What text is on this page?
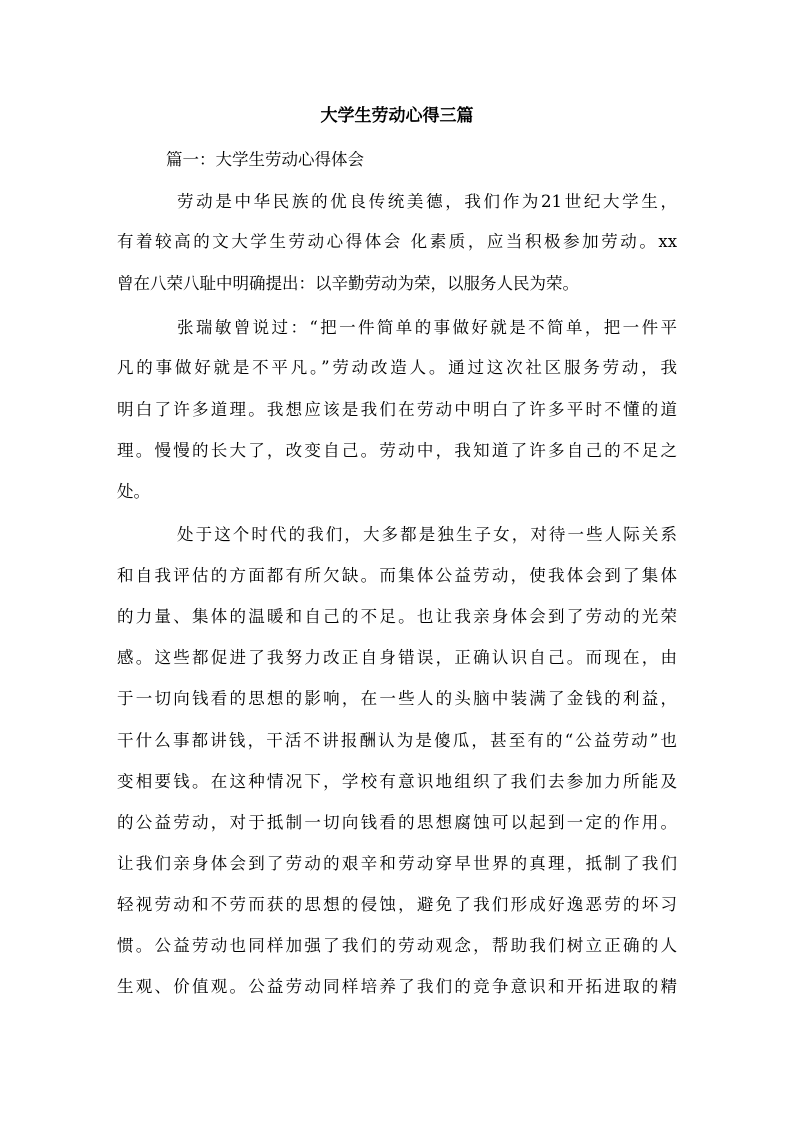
大学生劳动心得三篇

篇一：大学生劳动心得体会

劳动是中华民族的优良传统美德，我们作为21世纪大学生，

有着较高的文大学生劳动心得体会 化素质，应当积极参加劳动。xx

曾在八荣八耻中明确提出：以辛勤劳动为荣，以服务人民为荣。

张瑞敏曾说过：“把一件简单的事做好就是不简单，把一件平

凡的事做好就是不平凡。”劳动改造人。通过这次社区服务劳动，我

明白了许多道理。我想应该是我们在劳动中明白了许多平时不懂的道

理。慢慢的长大了，改变自己。劳动中，我知道了许多自己的不足之

处。

处于这个时代的我们，大多都是独生子女，对待一些人际关系

和自我评估的方面都有所欠缺。而集体公益劳动，使我体会到了集体

的力量、集体的温暖和自己的不足。也让我亲身体会到了劳动的光荣

感。这些都促进了我努力改正自身错误，正确认识自己。而现在，由

于一切向钱看的思想的影响，在一些人的头脑中装满了金钱的利益，

干什么事都讲钱，干活不讲报酬认为是傻瓜，甚至有的“公益劳动”也

变相要钱。在这种情况下，学校有意识地组织了我们去参加力所能及

的公益劳动，对于抵制一切向钱看的思想腐蚀可以起到一定的作用。

让我们亲身体会到了劳动的艰辛和劳动穿早世界的真理，抵制了我们

轻视劳动和不劳而获的思想的侵蚀，避免了我们形成好逸恶劳的坏习

惯。公益劳动也同样加强了我们的劳动观念，帮助我们树立正确的人

生观、价值观。公益劳动同样培养了我们的竞争意识和开拓进取的精
